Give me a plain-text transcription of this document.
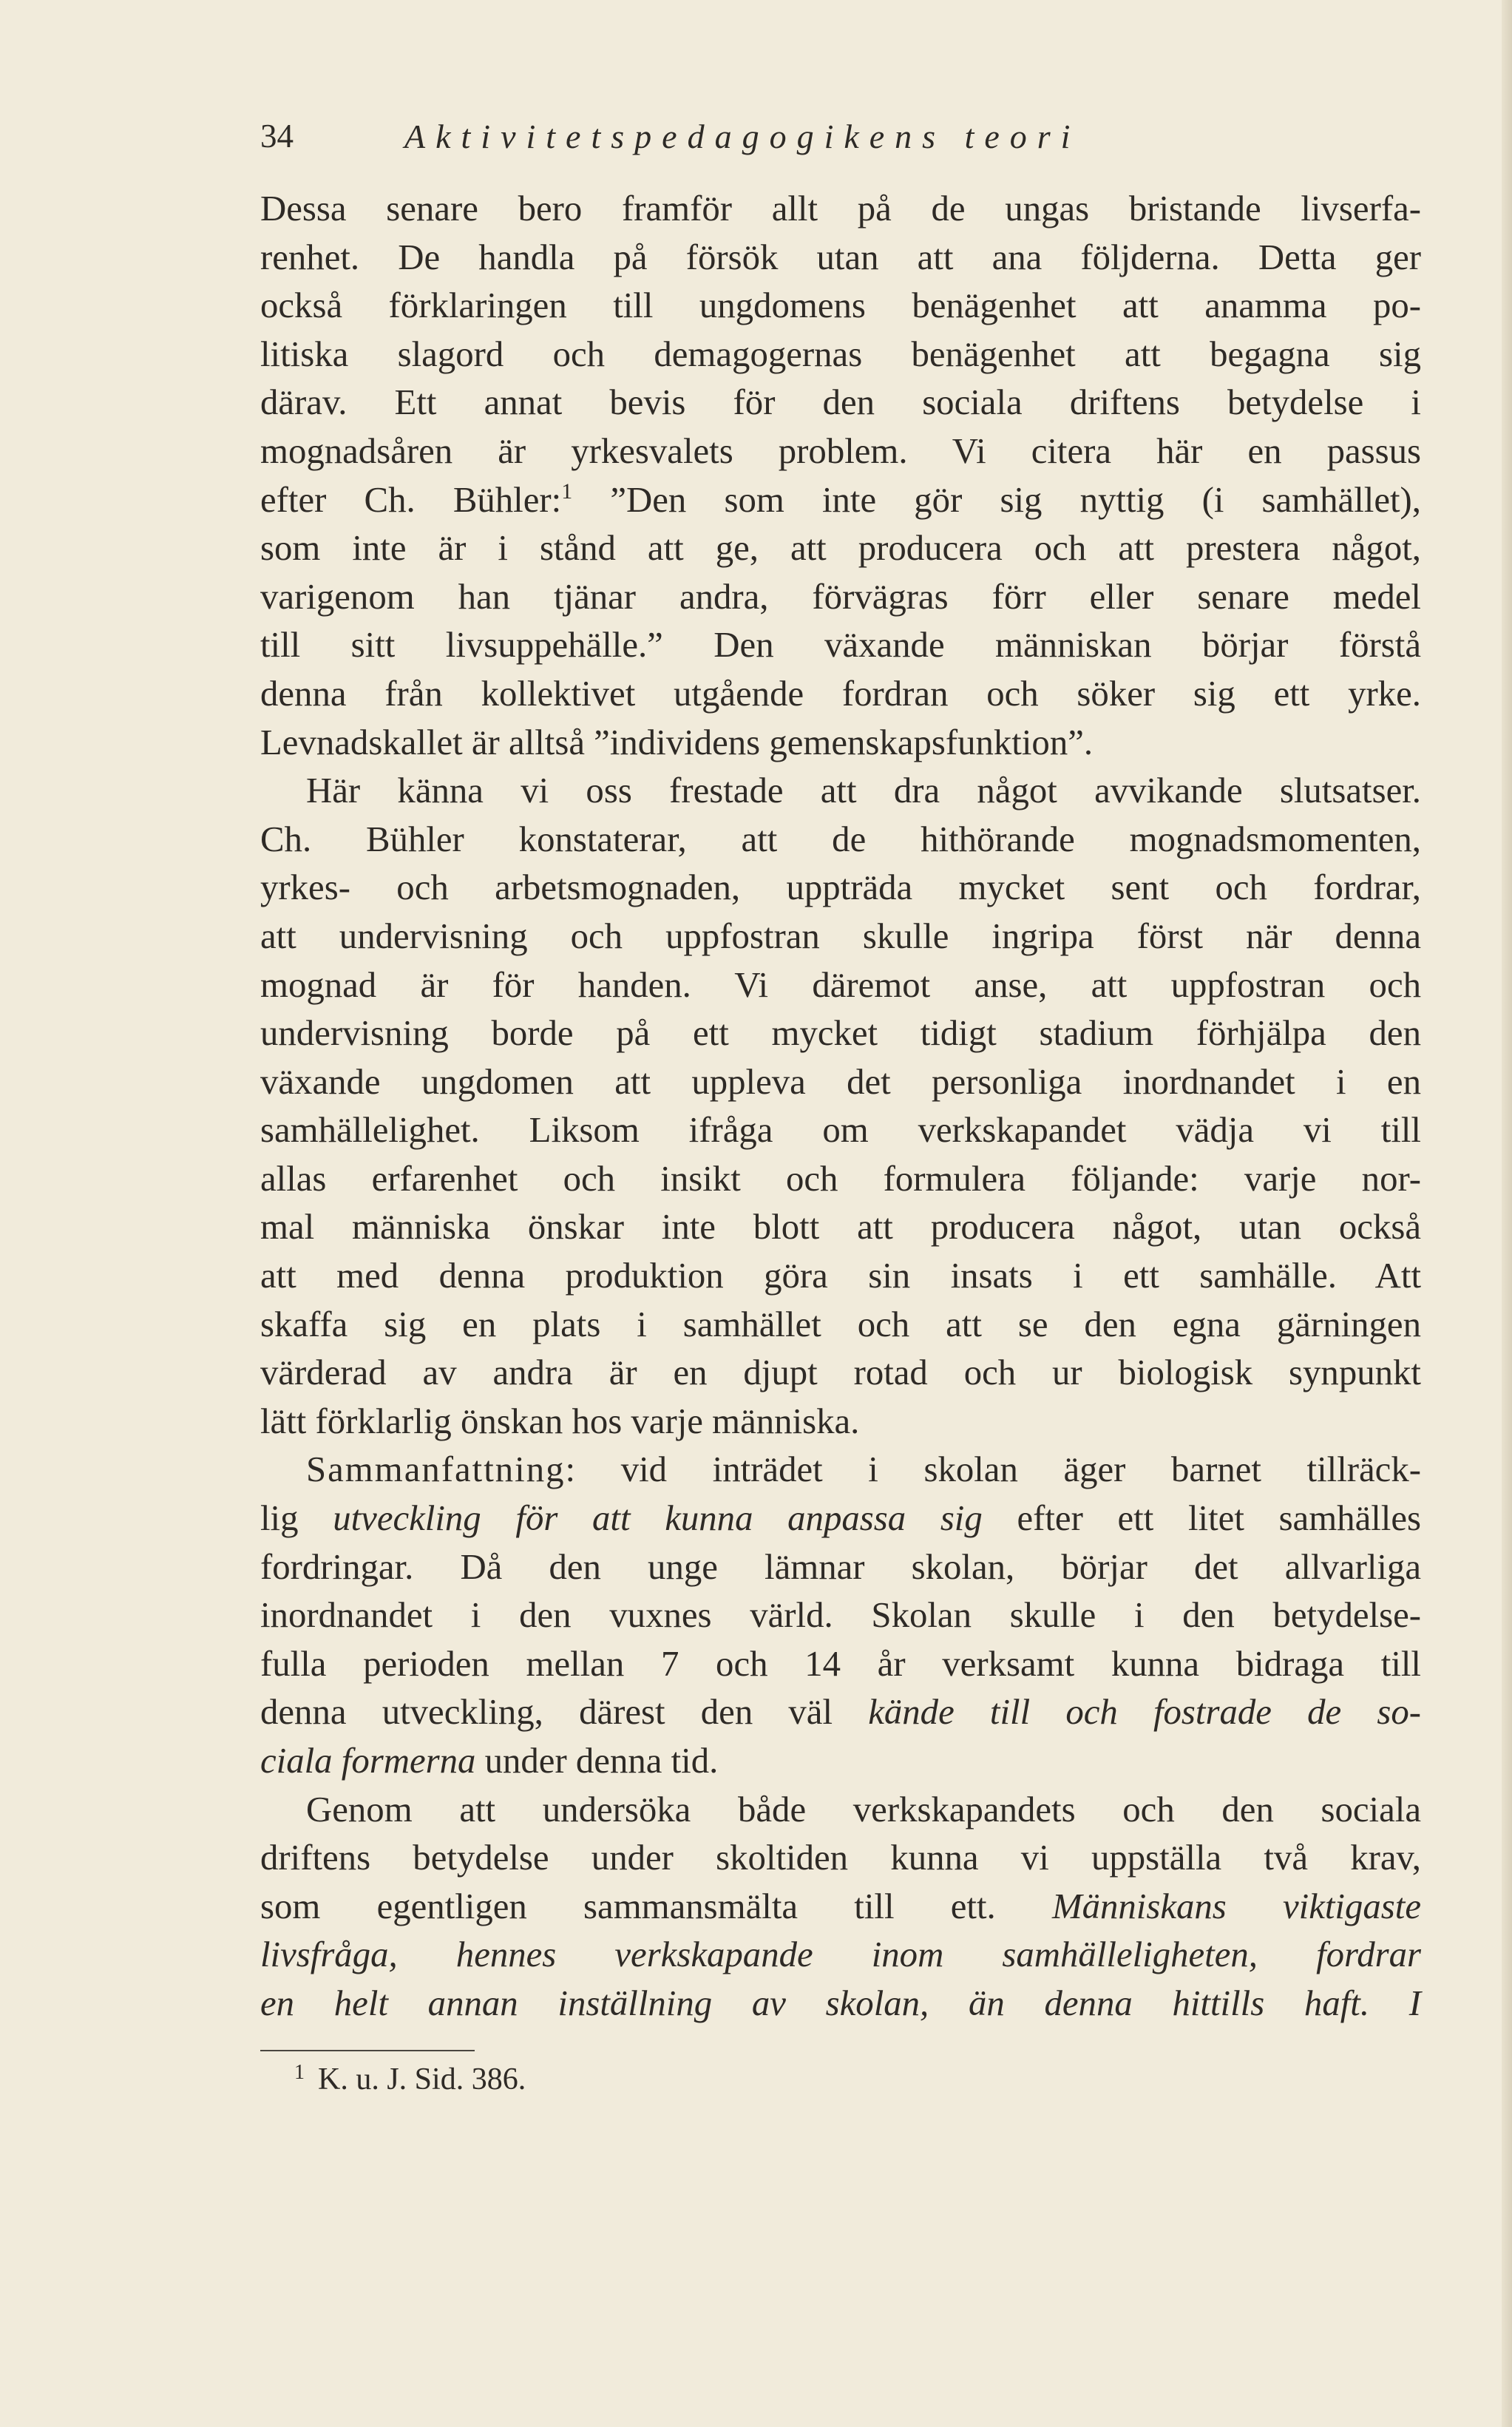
34	Aktivitetspedagogikens teori
Dessa senare bero framför allt på de ungas bristande livserfa-
renhet. De handla på försök utan att ana följderna. Detta ger
också förklaringen till ungdomens benägenhet att anamma po-
litiska slagord och demagogernas benägenhet att begagna sig
därav. Ett annat bevis för den sociala driftens betydelse i
mognadsåren är yrkesvalets problem. Vi citera här en passus
efter Ch. Bühler:$^1$ ”Den som inte gör sig nyttig (i samhället),
som inte är i stånd att ge, att producera och att prestera något,
varigenom han tjänar andra, förvägras förr eller senare medel
till sitt livsuppehälle.” Den växande människan börjar förstå
denna från kollektivet utgående fordran och söker sig ett yrke.
Levnadskallet är alltså ”individens gemenskapsfunktion”.
Här känna vi oss frestade att dra något avvikande slutsatser.
Ch. Bühler konstaterar, att de hithörande mognadsmomenten,
yrkes- och arbetsmognaden, uppträda mycket sent och fordrar,
att undervisning och uppfostran skulle ingripa först när denna
mognad är för handen. Vi däremot anse, att uppfostran och
undervisning borde på ett mycket tidigt stadium förhjälpa den
växande ungdomen att uppleva det personliga inordnandet i en
samhällelighet. Liksom ifråga om verkskapandet vädja vi till
allas erfarenhet och insikt och formulera följande: varje nor-
mal människa önskar inte blott att producera något, utan också
att med denna produktion göra sin insats i ett samhälle. Att
skaffa sig en plats i samhället och att se den egna gärningen
värderad av andra är en djupt rotad och ur biologisk synpunkt
lätt förklarlig önskan hos varje människa.
Sammanfattning: vid inträdet i skolan äger barnet tillräck-
lig utveckling för att kunna anpassa sig efter ett litet samhälles
fordringar. Då den unge lämnar skolan, börjar det allvarliga
inordnandet i den vuxnes värld. Skolan skulle i den betydelse-
fulla perioden mellan 7 och 14 år verksamt kunna bidraga till
denna utveckling, därest den väl kände till och fostrade de so-
ciala formerna under denna tid.
Genom att undersöka både verkskapandets och den sociala
driftens betydelse under skoltiden kunna vi uppställa två krav,
som egentligen sammansmälta till ett. Människans viktigaste
livsfråga, hennes verkskapande inom samhälleligheten, fordrar
en helt annan inställning av skolan, än denna hittills haft. I
$^1$ K. u. J. Sid. 386.
